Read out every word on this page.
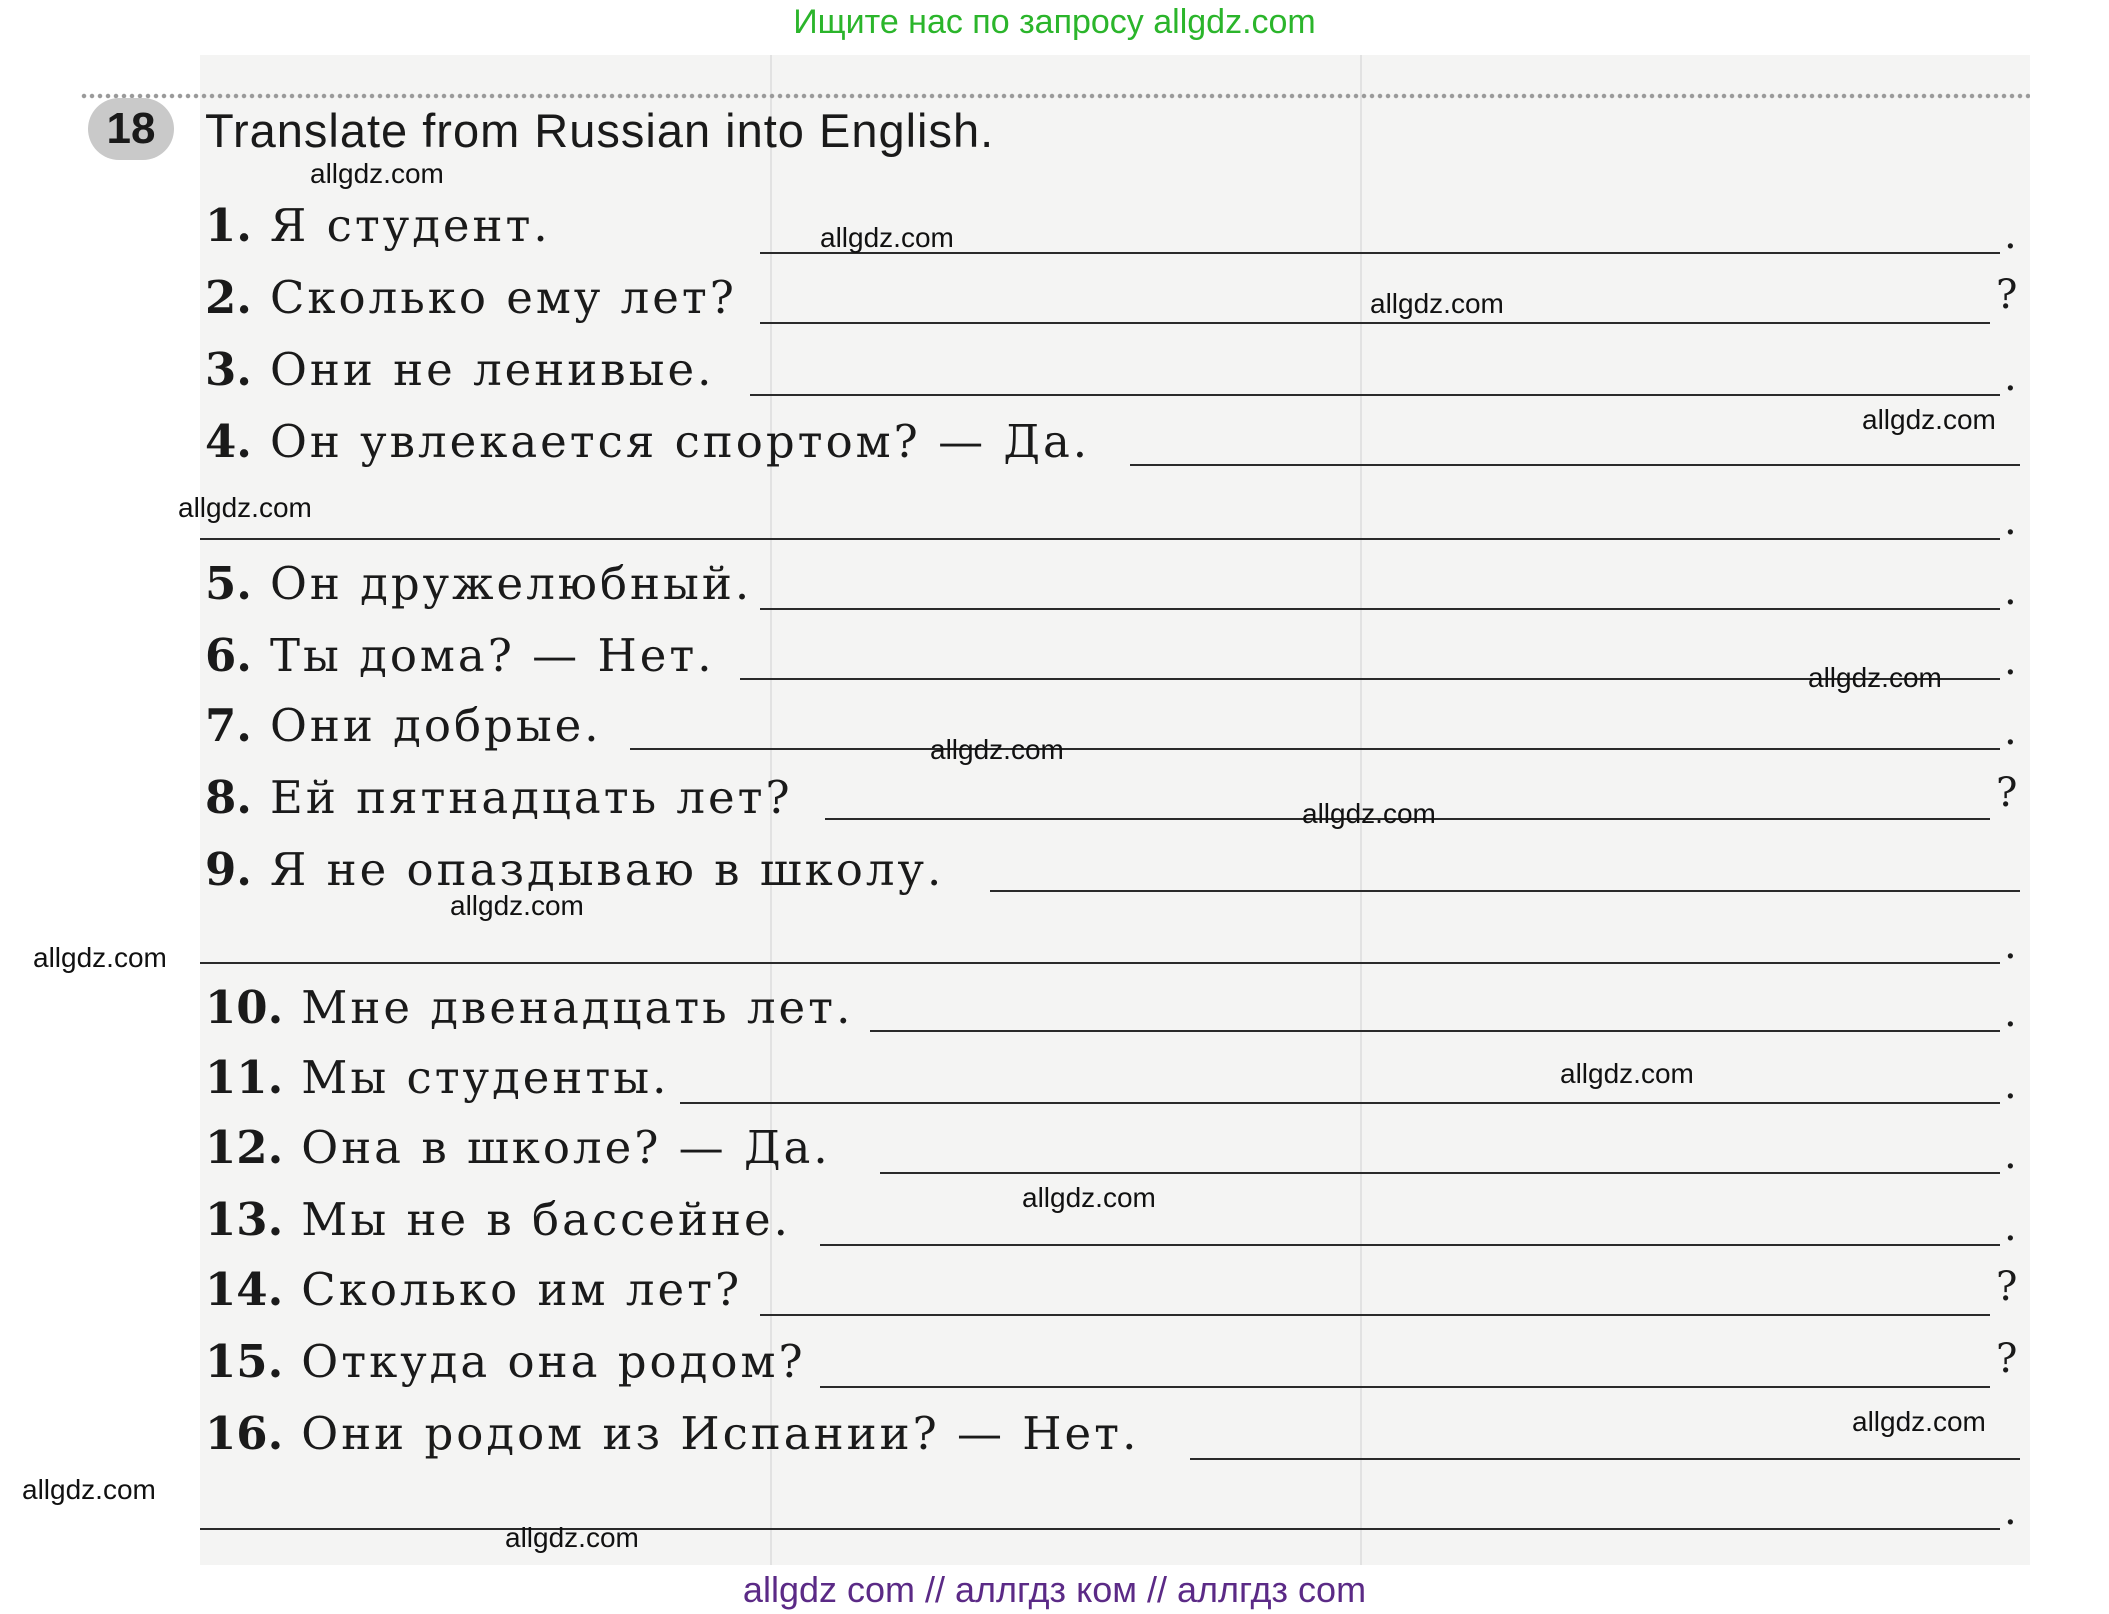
Ищите нас по запросу allgdz.com
18	Translate from Russian into English.
1. Я студент.	.
2. Сколько ему лет?	?
3. Они не ленивые.	.
4. Он увлекается спортом? — Да.
.
5. Он дружелюбный.	.
6. Ты дома? — Нет.	.
7. Они добрые.	.
8. Ей пятнадцать лет?	?
9. Я не опаздываю в школу.
.
10. Мне двенадцать лет.	.
11. Мы студенты.	.
12. Она в школе? — Да.	.
13. Мы не в бассейне.	.
14. Сколько им лет?	?
15. Откуда она родом?	?
16. Они родом из Испании? — Нет.
.
allgdz.com
allgdz.com
allgdz.com
allgdz.com
allgdz.com
allgdz.com
allgdz.com
allgdz.com
allgdz.com
allgdz.com
allgdz.com
allgdz.com
allgdz.com
allgdz.com
allgdz.com
allgdz com // аллгдз ком // аллгдз com
